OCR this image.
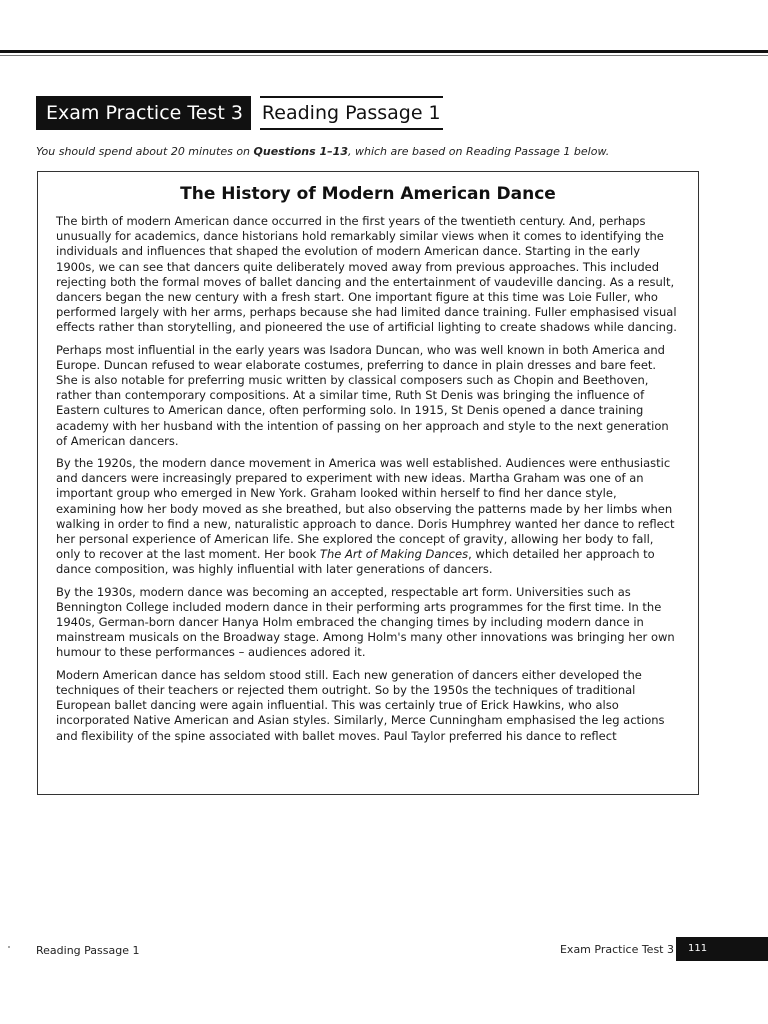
Exam Practice Test 3	Reading Passage 1
You should spend about 20 minutes on Questions 1–13, which are based on Reading Passage 1 below.
The History of Modern American Dance

The birth of modern American dance occurred in the first years of the twentieth century. And, perhaps unusually for academics, dance historians hold remarkably similar views when it comes to identifying the individuals and influences that shaped the evolution of modern American dance. Starting in the early 1900s, we can see that dancers quite deliberately moved away from previous approaches. This included rejecting both the formal moves of ballet dancing and the entertainment of vaudeville dancing. As a result, dancers began the new century with a fresh start. One important figure at this time was Loie Fuller, who performed largely with her arms, perhaps because she had limited dance training. Fuller emphasised visual effects rather than storytelling, and pioneered the use of artificial lighting to create shadows while dancing.

Perhaps most influential in the early years was Isadora Duncan, who was well known in both America and Europe. Duncan refused to wear elaborate costumes, preferring to dance in plain dresses and bare feet. She is also notable for preferring music written by classical composers such as Chopin and Beethoven, rather than contemporary compositions. At a similar time, Ruth St Denis was bringing the influence of Eastern cultures to American dance, often performing solo. In 1915, St Denis opened a dance training academy with her husband with the intention of passing on her approach and style to the next generation of American dancers.

By the 1920s, the modern dance movement in America was well established. Audiences were enthusiastic and dancers were increasingly prepared to experiment with new ideas. Martha Graham was one of an important group who emerged in New York. Graham looked within herself to find her dance style, examining how her body moved as she breathed, but also observing the patterns made by her limbs when walking in order to find a new, naturalistic approach to dance. Doris Humphrey wanted her dance to reflect her personal experience of American life. She explored the concept of gravity, allowing her body to fall, only to recover at the last moment. Her book The Art of Making Dances, which detailed her approach to dance composition, was highly influential with later generations of dancers.

By the 1930s, modern dance was becoming an accepted, respectable art form. Universities such as Bennington College included modern dance in their performing arts programmes for the first time. In the 1940s, German-born dancer Hanya Holm embraced the changing times by including modern dance in mainstream musicals on the Broadway stage. Among Holm's many other innovations was bringing her own humour to these performances – audiences adored it.

Modern American dance has seldom stood still. Each new generation of dancers either developed the techniques of their teachers or rejected them outright. So by the 1950s the techniques of traditional European ballet dancing were again influential. This was certainly true of Erick Hawkins, who also incorporated Native American and Asian styles. Similarly, Merce Cunningham emphasised the leg actions and flexibility of the spine associated with ballet moves. Paul Taylor preferred his dance to reflect

Reading Passage 1	Exam Practice Test 3	111
